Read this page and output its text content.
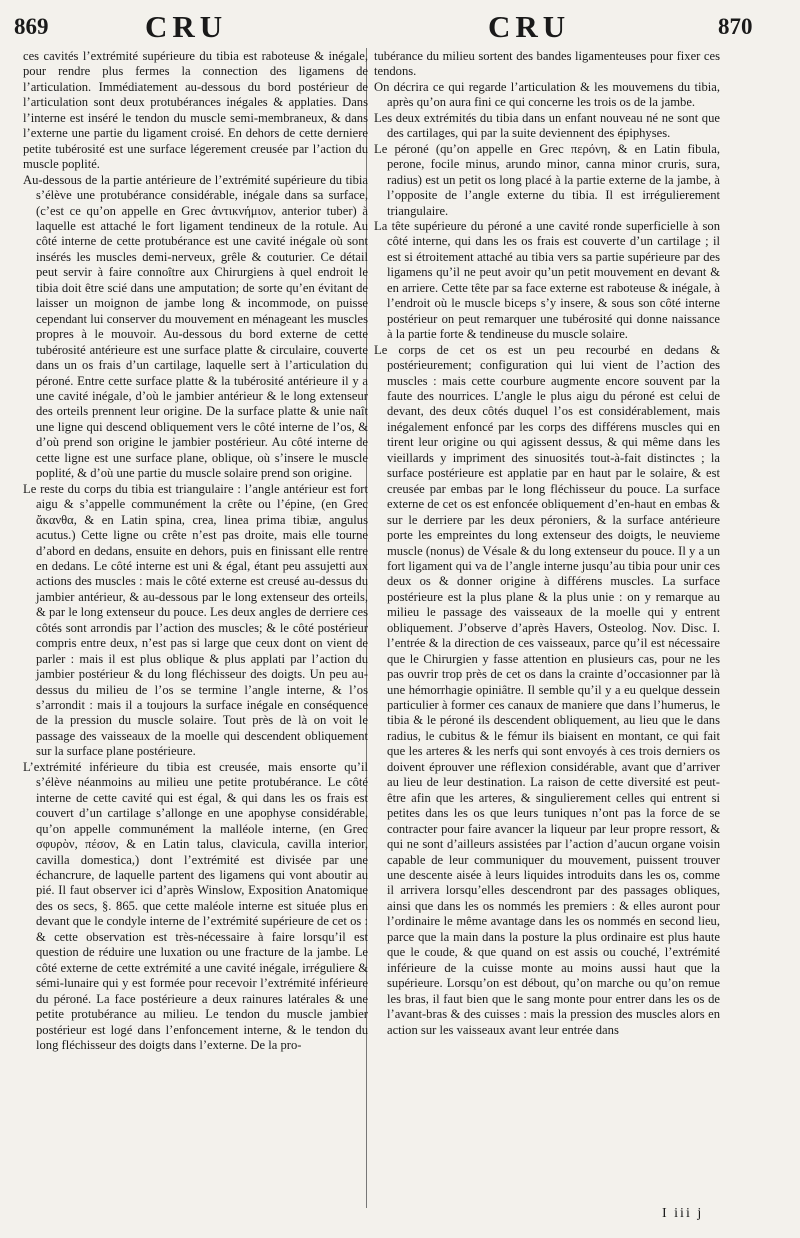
869	CRU	CRU	870

ces cavités l’extrémité supérieure du tibia est raboteuse & inégale, pour rendre plus fermes la connection des ligamens de l’articulation. Immédiatement au-dessous du bord postérieur de l’articulation sont deux protubérances inégales & applaties. Dans l’interne est inséré le tendon du muscle semi-membraneux, & dans l’externe une partie du ligament croisé. En dehors de cette derniere petite tubérosité est une surface légerement creusée par l’action du muscle poplité.

Au-dessous de la partie antérieure de l’extrémité supérieure du tibia s’élève une protubérance considérable, inégale dans sa surface, (c’est ce qu’on appelle en Grec ἀντικνήμιον, anterior tuber) à laquelle est attaché le fort ligament tendineux de la rotule. Au côté interne de cette protubérance est une cavité inégale où sont insérés les muscles demi-nerveux, grêle & couturier. Ce détail peut servir à faire connoître aux Chirurgiens à quel endroit le tibia doit être scié dans une amputation; de sorte qu’en évitant de laisser un moignon de jambe long & incommode, on puisse cependant lui conserver du mouvement en ménageant les muscles propres à le mouvoir. Au-dessous du bord externe de cette tubérosité antérieure est une surface platte & circulaire, couverte dans un os frais d’un cartilage, laquelle sert à l’articulation du péroné. Entre cette surface platte & la tubérosité antérieure il y a une cavité inégale, d’où le jambier antérieur & le long extenseur des orteils prennent leur origine. De la surface platte & unie naît une ligne qui descend obliquement vers le côté interne de l’os, & d’où prend son origine le jambier postérieur. Au côté interne de cette ligne est une surface plane, oblique, où s’insere le muscle poplité, & d’où une partie du muscle solaire prend son origine.

Le reste du corps du tibia est triangulaire : l’angle antérieur est fort aigu & s’appelle communément la crête ou l’épine, (en Grec ἄκανθα, & en Latin spina, crea, linea prima tibiæ, angulus acutus.) Cette ligne ou crête n’est pas droite, mais elle tourne d’abord en dedans, ensuite en dehors, puis en finissant elle rentre en dedans. Le côté interne est uni & égal, étant peu assujetti aux actions des muscles : mais le côté externe est creusé au-dessus du jambier antérieur, & au-dessous par le long extenseur des orteils, & par le long extenseur du pouce. Les deux angles de derriere ces côtés sont arrondis par l’action des muscles; & le côté postérieur compris entre deux, n’est pas si large que ceux dont on vient de parler : mais il est plus oblique & plus applati par l’action du jambier postérieur & du long fléchisseur des doigts. Un peu au-dessus du milieu de l’os se termine l’angle interne, & l’os s’arrondit : mais il a toujours la surface inégale en conséquence de la pression du muscle solaire. Tout près de là on voit le passage des vaisseaux de la moelle qui descendent obliquement sur la surface plane postérieure.

L’extrémité inférieure du tibia est creusée, mais ensorte qu’il s’élève néanmoins au milieu une petite protubérance. Le côté interne de cette cavité qui est égal, & qui dans les os frais est couvert d’un cartilage s’allonge en une apophyse considérable, qu’on appelle communément la malléole interne, (en Grec σφυρὸν, πέσον, & en Latin talus, clavicula, cavilla interior, cavilla domestica,) dont l’extrémité est divisée par une échancrure, de laquelle partent des ligamens qui vont aboutir au pié. Il faut observer ici d’après Winslow, Exposition Anatomique des os secs, §. 865. que cette maléole interne est située plus en devant que le condyle interne de l’extrémité supérieure de cet os : & cette observation est très-nécessaire à faire lorsqu’il est question de réduire une luxation ou une fracture de la jambe. Le côté externe de cette extrémité a une cavité inégale, irréguliere & sémi-lunaire qui y est formée pour recevoir l’extrémité inférieure du péroné. La face postérieure a deux rainures latérales & une petite protubérance au milieu. Le tendon du muscle jambier postérieur est logé dans l’enfoncement interne, & le tendon du long fléchisseur des doigts dans l’externe. De la pro-

tubérance du milieu sortent des bandes ligamenteuses pour fixer ces tendons.

On décrira ce qui regarde l’articulation & les mouvemens du tibia, après qu’on aura fini ce qui concerne les trois os de la jambe.

Les deux extrémités du tibia dans un enfant nouveau né ne sont que des cartilages, qui par la suite deviennent des épiphyses.

Le péroné (qu’on appelle en Grec περόνη, & en Latin fibula, perone, focile minus, arundo minor, canna minor cruris, sura, radius) est un petit os long placé à la partie externe de la jambe, à l’opposite de l’angle externe du tibia. Il est irrégulierement triangulaire.

La tête supérieure du péroné a une cavité ronde superficielle à son côté interne, qui dans les os frais est couverte d’un cartilage ; il est si étroitement attaché au tibia vers sa partie supérieure par des ligamens qu’il ne peut avoir qu’un petit mouvement en devant & en arriere. Cette tête par sa face externe est raboteuse & inégale, à l’endroit où le muscle biceps s’y insere, & sous son côté interne postérieur on peut remarquer une tubérosité qui donne naissance à la partie forte & tendineuse du muscle solaire.

Le corps de cet os est un peu recourbé en dedans & postérieurement; configuration qui lui vient de l’action des muscles : mais cette courbure augmente encore souvent par la faute des nourrices. L’angle le plus aigu du péroné est celui de devant, des deux côtés duquel l’os est considérablement, mais inégalement enfoncé par les corps des différens muscles qui en tirent leur origine ou qui agissent dessus, & qui même dans les vieillards y impriment des sinuosités tout-à-fait distinctes ; la surface postérieure est applatie par en haut par le solaire, & est creusée par embas par le long fléchisseur du pouce. La surface externe de cet os est enfoncée obliquement d’en-haut en embas & sur le derriere par les deux péroniers, & la surface antérieure porte les empreintes du long extenseur des doigts, le neuvieme muscle (nonus) de Vésale & du long extenseur du pouce. Il y a un fort ligament qui va de l’angle interne jusqu’au tibia pour unir ces deux os & donner origine à différens muscles. La surface postérieure est la plus plane & la plus unie : on y remarque au milieu le passage des vaisseaux de la moelle qui y entrent obliquement. J’observe d’après Havers, Osteolog. Nov. Disc. I. l’entrée & la direction de ces vaisseaux, parce qu’il est nécessaire que le Chirurgien y fasse attention en plusieurs cas, pour ne les pas ouvrir trop près de cet os dans la crainte d’occasionner par là une hémorrhagie opiniâtre. Il semble qu’il y a eu quelque dessein particulier à former ces canaux de maniere que dans l’humerus, le tibia & le péroné ils descendent obliquement, au lieu que le dans radius, le cubitus & le fémur ils biaisent en montant, ce qui fait que les arteres & les nerfs qui sont envoyés à ces trois derniers os doivent éprouver une réflexion considérable, avant que d’arriver au lieu de leur destination. La raison de cette diversité est peut-être afin que les arteres, & singulierement celles qui entrent si petites dans les os que leurs tuniques n’ont pas la force de se contracter pour faire avancer la liqueur par leur propre ressort, & qui ne sont d’ailleurs assistées par l’action d’aucun organe voisin capable de leur communiquer du mouvement, puissent trouver une descente aisée à leurs liquides introduits dans les os, comme il arrivera lorsqu’elles descendront par des passages obliques, ainsi que dans les os nommés les premiers : & elles auront pour l’ordinaire le même avantage dans les os nommés en second lieu, parce que la main dans la posture la plus ordinaire est plus haute que le coude, & que quand on est assis ou couché, l’extrémité inférieure de la cuisse monte au moins aussi haut que la supérieure. Lorsqu’on est débout, qu’on marche ou qu’on remue les bras, il faut bien que le sang monte pour entrer dans les os de l’avant-bras & des cuisses : mais la pression des muscles alors en action sur les vaisseaux avant leur entrée dans

I iii j
